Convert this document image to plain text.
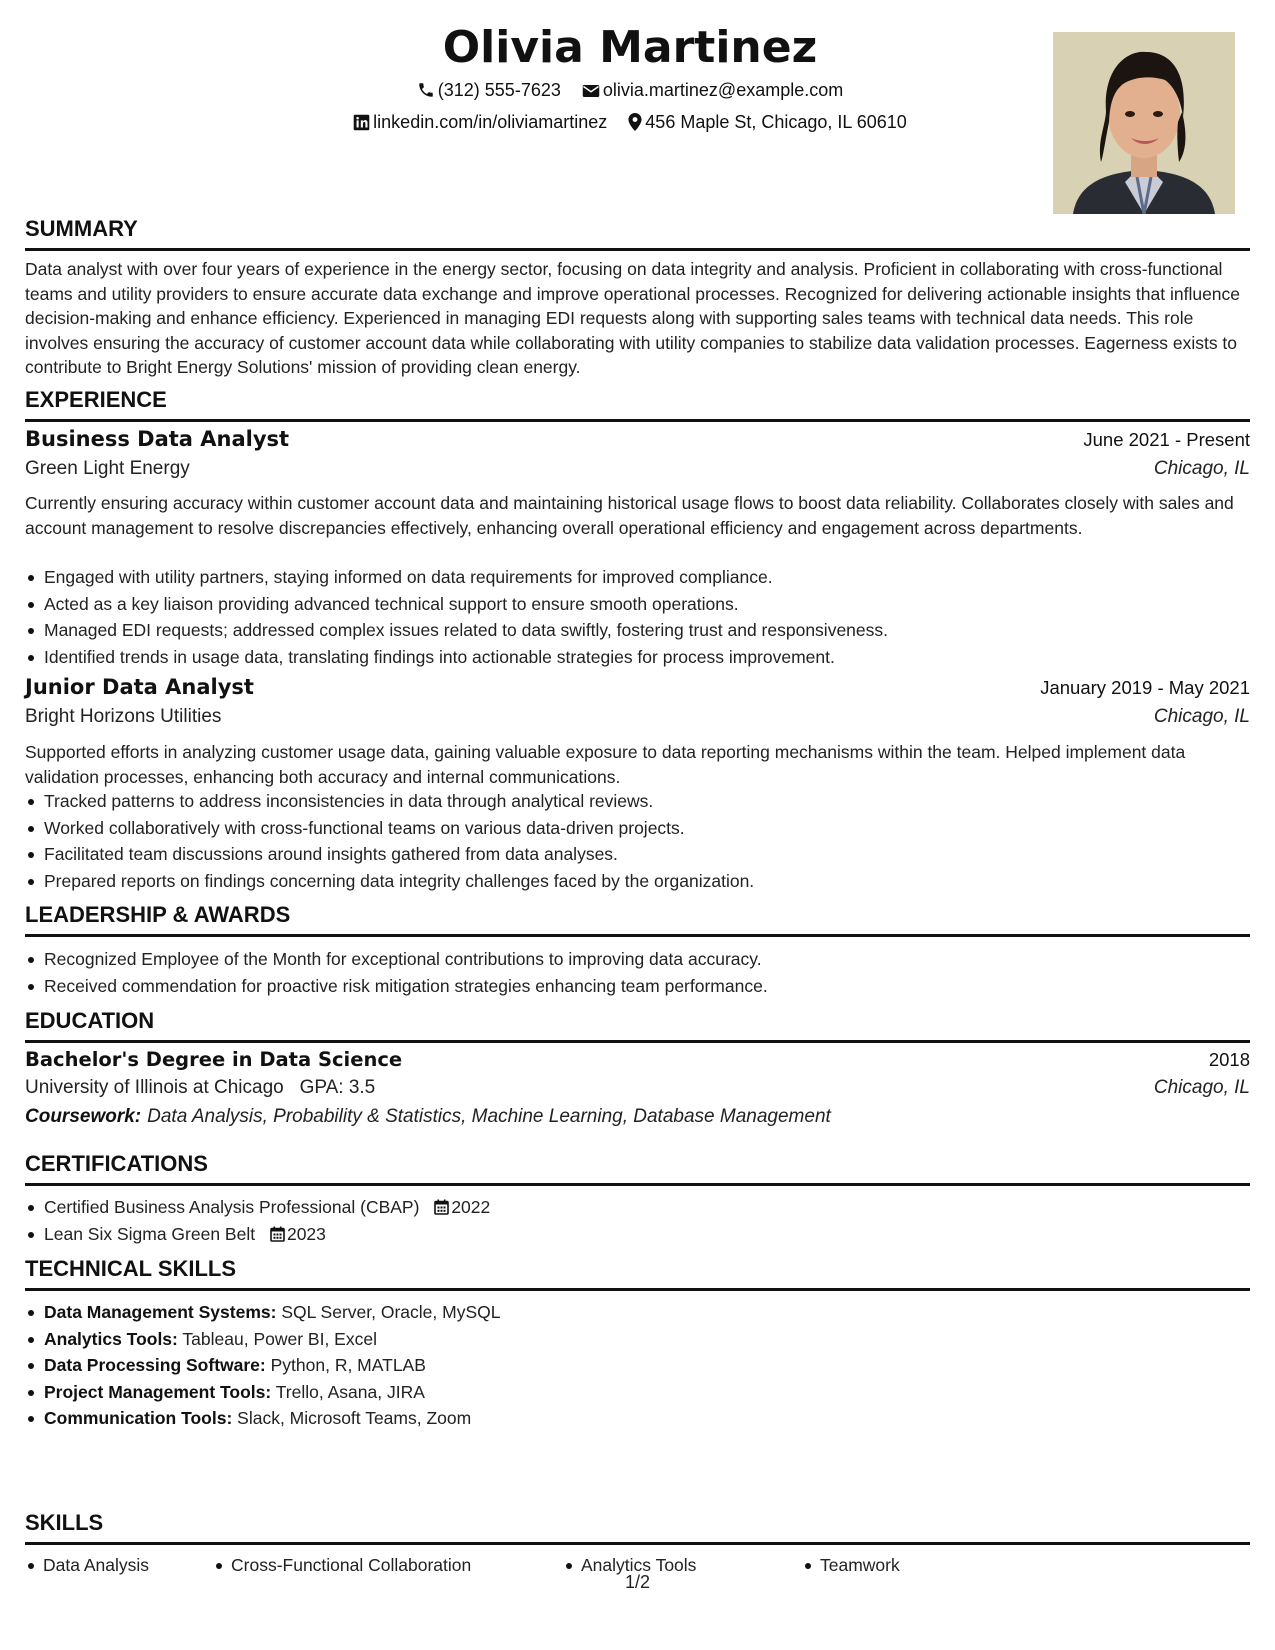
Olivia Martinez
(312) 555-7623 olivia.martinez@example.com
linkedin.com/in/oliviamartinez 456 Maple St, Chicago, IL 60610
SUMMARY
Data analyst with over four years of experience in the energy sector, focusing on data integrity and analysis. Proficient in collaborating with cross-functional teams and utility providers to ensure accurate data exchange and improve operational processes. Recognized for delivering actionable insights that influence decision-making and enhance efficiency. Experienced in managing EDI requests along with supporting sales teams with technical data needs. This role involves ensuring the accuracy of customer account data while collaborating with utility companies to stabilize data validation processes. Eagerness exists to contribute to Bright Energy Solutions' mission of providing clean energy.
EXPERIENCE
Business Data Analyst	June 2021 - Present
Green Light Energy	Chicago, IL
Currently ensuring accuracy within customer account data and maintaining historical usage flows to boost data reliability. Collaborates closely with sales and account management to resolve discrepancies effectively, enhancing overall operational efficiency and engagement across departments.
Engaged with utility partners, staying informed on data requirements for improved compliance.
Acted as a key liaison providing advanced technical support to ensure smooth operations.
Managed EDI requests; addressed complex issues related to data swiftly, fostering trust and responsiveness.
Identified trends in usage data, translating findings into actionable strategies for process improvement.
Junior Data Analyst	January 2019 - May 2021
Bright Horizons Utilities	Chicago, IL
Supported efforts in analyzing customer usage data, gaining valuable exposure to data reporting mechanisms within the team. Helped implement data validation processes, enhancing both accuracy and internal communications.
Tracked patterns to address inconsistencies in data through analytical reviews.
Worked collaboratively with cross-functional teams on various data-driven projects.
Facilitated team discussions around insights gathered from data analyses.
Prepared reports on findings concerning data integrity challenges faced by the organization.
LEADERSHIP & AWARDS
Recognized Employee of the Month for exceptional contributions to improving data accuracy.
Received commendation for proactive risk mitigation strategies enhancing team performance.
EDUCATION
Bachelor's Degree in Data Science	2018
University of Illinois at Chicago GPA: 3.5	Chicago, IL
Coursework: Data Analysis, Probability & Statistics, Machine Learning, Database Management
CERTIFICATIONS
Certified Business Analysis Professional (CBAP) 2022
Lean Six Sigma Green Belt 2023
TECHNICAL SKILLS
Data Management Systems: SQL Server, Oracle, MySQL
Analytics Tools: Tableau, Power BI, Excel
Data Processing Software: Python, R, MATLAB
Project Management Tools: Trello, Asana, JIRA
Communication Tools: Slack, Microsoft Teams, Zoom
SKILLS
Data Analysis	Cross-Functional Collaboration	Analytics Tools	Teamwork
1/2
